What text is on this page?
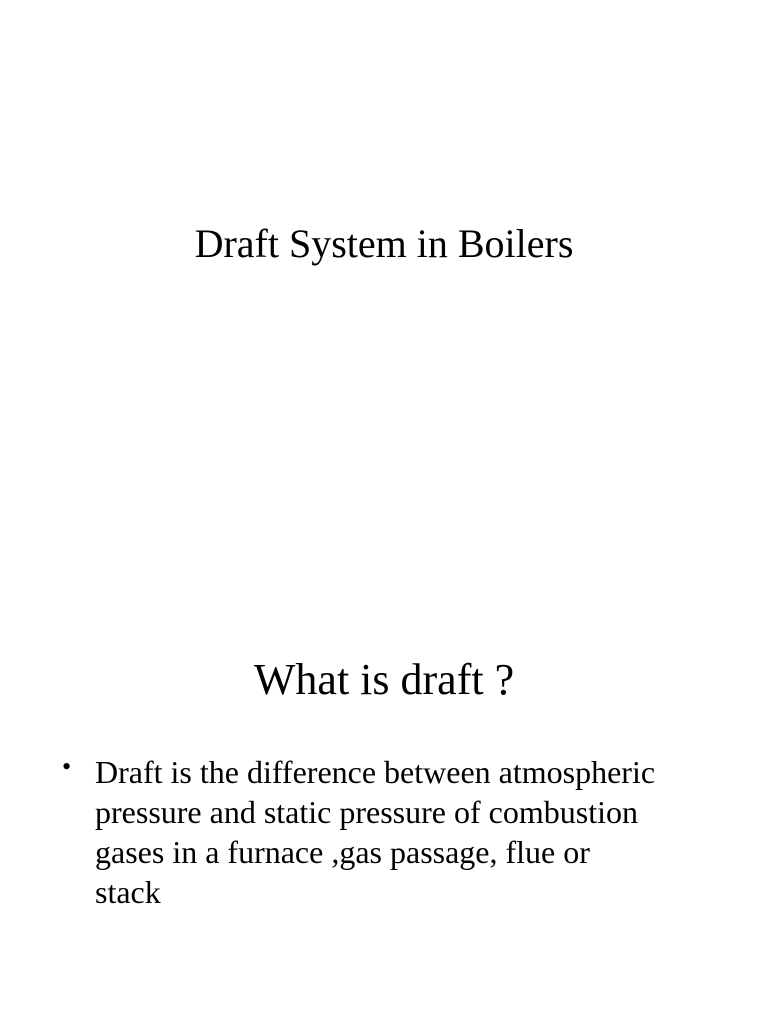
Draft System in Boilers
What is draft ?
• Draft is the difference between atmospheric
pressure and static pressure of combustion
gases in a furnace ,gas passage, flue or
stack
